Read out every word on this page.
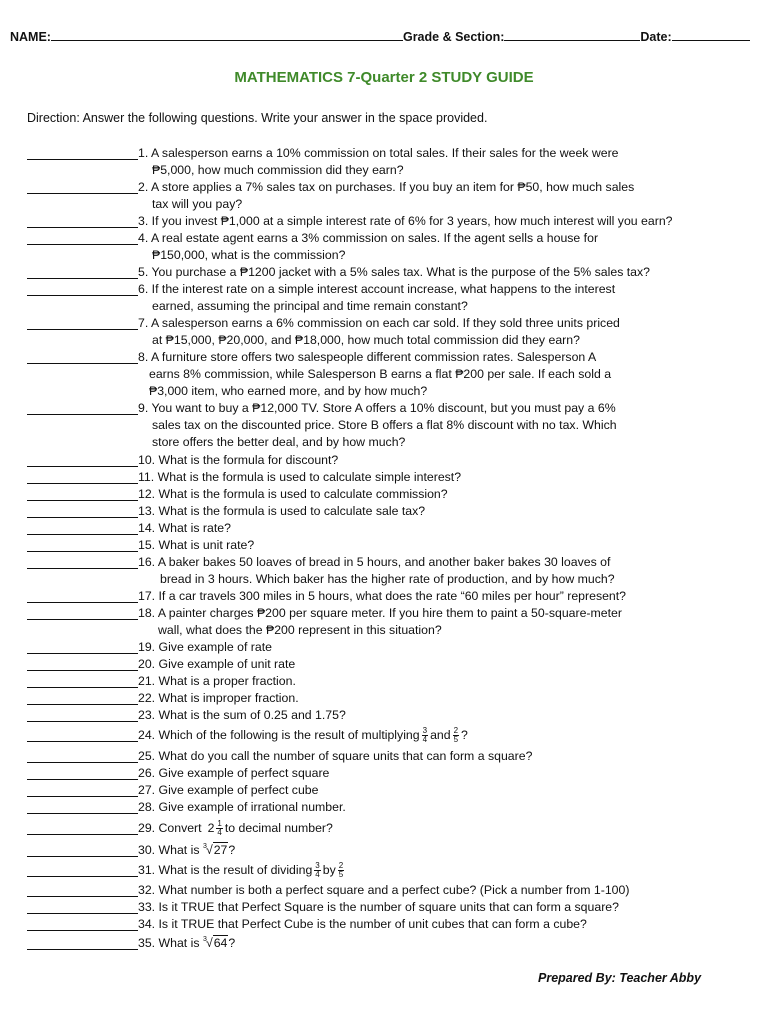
NAME:	Grade & Section:	Date:
MATHEMATICS 7-Quarter 2 STUDY GUIDE
Direction: Answer the following questions. Write your answer in the space provided.
1. A salesperson earns a 10% commission on total sales. If their sales for the week were
₱5,000, how much commission did they earn?
2. A store applies a 7% sales tax on purchases. If you buy an item for ₱50, how much sales
tax will you pay?
3. If you invest ₱1,000 at a simple interest rate of 6% for 3 years, how much interest will you earn?
4. A real estate agent earns a 3% commission on sales. If the agent sells a house for
₱150,000, what is the commission?
5. You purchase a ₱1200 jacket with a 5% sales tax. What is the purpose of the 5% sales tax?
6. If the interest rate on a simple interest account increase, what happens to the interest
earned, assuming the principal and time remain constant?
7. A salesperson earns a 6% commission on each car sold. If they sold three units priced
at ₱15,000, ₱20,000, and ₱18,000, how much total commission did they earn?
8. A furniture store offers two salespeople different commission rates. Salesperson A
earns 8% commission, while Salesperson B earns a flat ₱200 per sale. If each sold a
₱3,000 item, who earned more, and by how much?
9. You want to buy a ₱12,000 TV. Store A offers a 10% discount, but you must pay a 6%
sales tax on the discounted price. Store B offers a flat 8% discount with no tax. Which
store offers the better deal, and by how much?
10. What is the formula for discount?
11. What is the formula is used to calculate simple interest?
12. What is the formula is used to calculate commission?
13. What is the formula is used to calculate sale tax?
14. What is rate?
15. What is unit rate?
16. A baker bakes 50 loaves of bread in 5 hours, and another baker bakes 30 loaves of
bread in 3 hours. Which baker has the higher rate of production, and by how much?
17. If a car travels 300 miles in 5 hours, what does the rate “60 miles per hour” represent?
18. A painter charges ₱200 per square meter. If you hire them to paint a 50-square-meter
wall, what does the ₱200 represent in this situation?
19. Give example of rate
20. Give example of unit rate
21. What is a proper fraction.
22. What is improper fraction.
23. What is the sum of 0.25 and 1.75?
24. Which of the following is the result of multiplying $\frac{3}{4}$ and $\frac{2}{5}$ ?
25. What do you call the number of square units that can form a square?
26. Give example of perfect square
27. Give example of perfect cube
28. Give example of irrational number.
29. Convert $2 \frac{1}{4}$ to decimal number?
30. What is 3 √27?
31. What is the result of dividing $\frac{3}{4}$ by $\frac{2}{5}$
32. What number is both a perfect square and a perfect cube? (Pick a number from 1-100)
33. Is it TRUE that Perfect Square is the number of square units that can form a square?
34. Is it TRUE that Perfect Cube is the number of unit cubes that can form a cube?
35. What is 3 √64?
Prepared By: Teacher Abby
